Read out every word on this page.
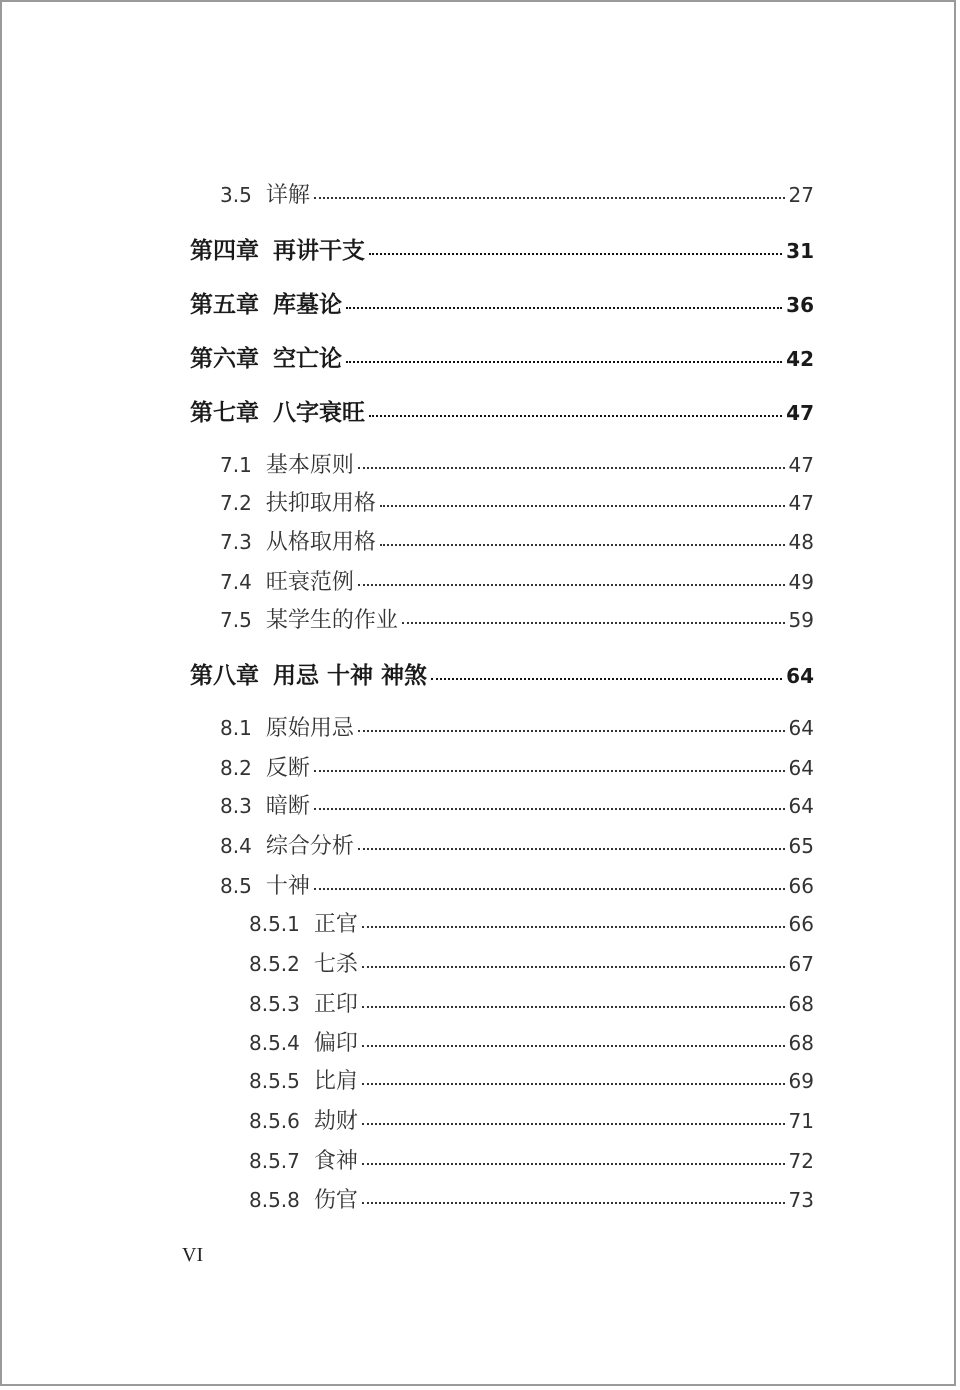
3.5 详解	27
第四章 再讲干支	31
第五章 库墓论	36
第六章 空亡论	42
第七章 八字衰旺	47
7.1 基本原则	47
7.2 扶抑取用格	47
7.3 从格取用格	48
7.4 旺衰范例	49
7.5 某学生的作业	59
第八章 用忌 十神 神煞	64
8.1 原始用忌	64
8.2 反断	64
8.3 暗断	64
8.4 综合分析	65
8.5 十神	66
8.5.1 正官	66
8.5.2 七杀	67
8.5.3 正印	68
8.5.4 偏印	68
8.5.5 比肩	69
8.5.6 劫财	71
8.5.7 食神	72
8.5.8 伤官	73
VI
